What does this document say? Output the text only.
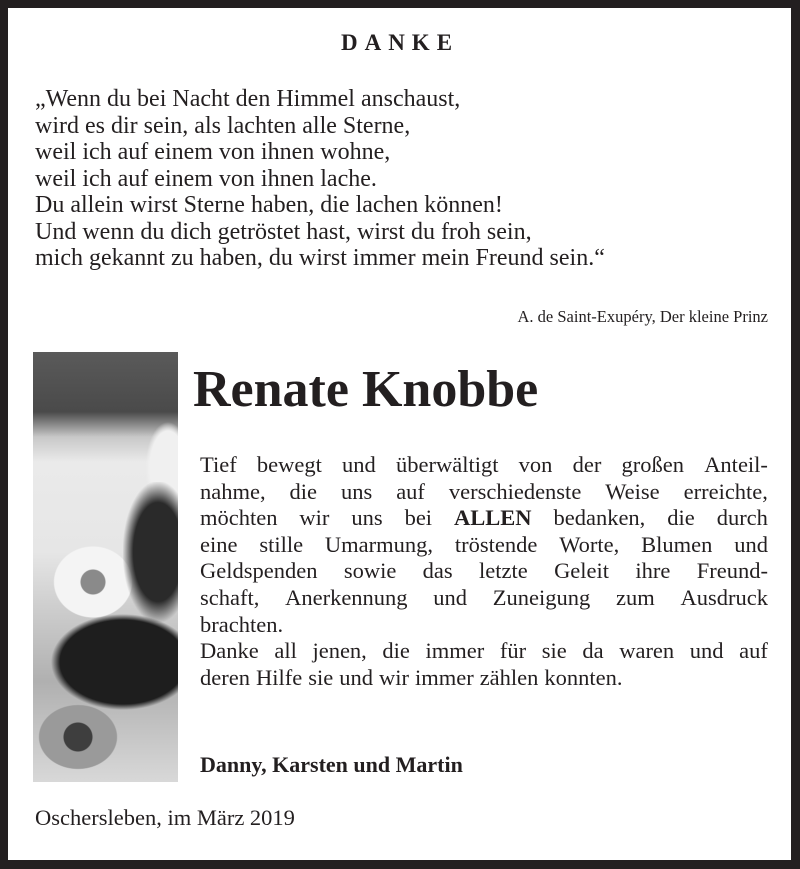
DANKE
„Wenn du bei Nacht den Himmel anschaust,
wird es dir sein, als lachten alle Sterne,
weil ich auf einem von ihnen wohne,
weil ich auf einem von ihnen lache.
Du allein wirst Sterne haben, die lachen können!
Und wenn du dich getröstet hast, wirst du froh sein,
mich gekannt zu haben, du wirst immer mein Freund sein.“
A. de Saint-Exupéry, Der kleine Prinz
Renate Knobbe
Tief bewegt und überwältigt von der großen Anteil-
nahme, die uns auf verschiedenste Weise erreichte,
möchten wir uns bei ALLEN bedanken, die durch
eine stille Umarmung, tröstende Worte, Blumen und
Geldspenden sowie das letzte Geleit ihre Freund-
schaft, Anerkennung und Zuneigung zum Ausdruck
brachten.
Danke all jenen, die immer für sie da waren und auf
deren Hilfe sie und wir immer zählen konnten.
Danny, Karsten und Martin
Oschersleben, im März 2019
